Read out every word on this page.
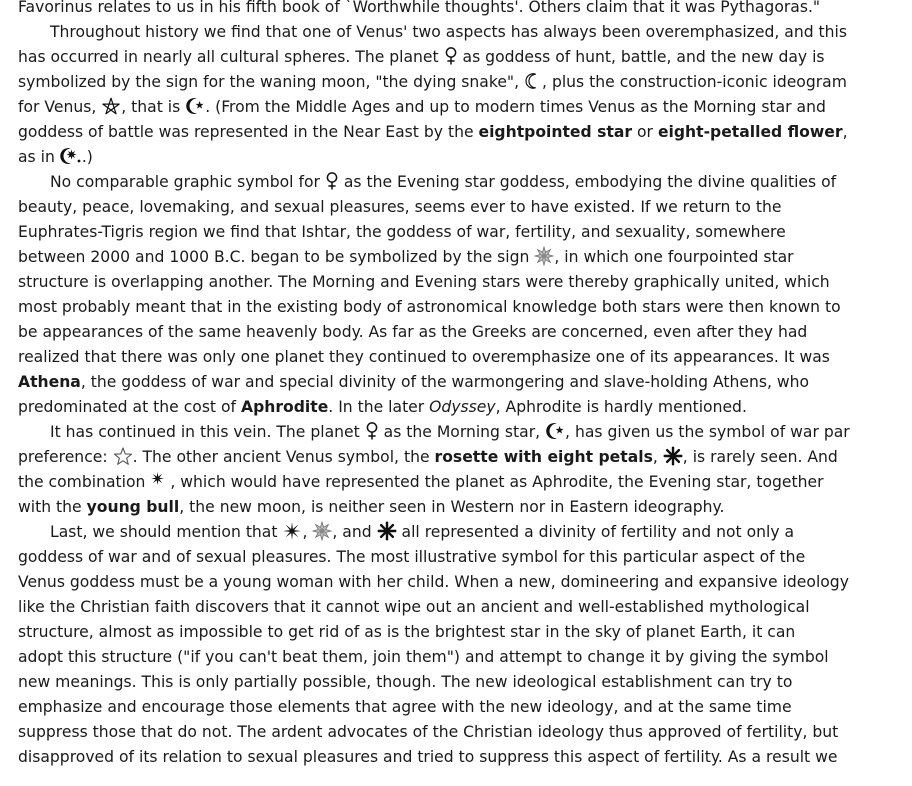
Favorinus relates to us in his fifth book of `Worthwhile thoughts'. Others claim that it was Pythagoras."
Throughout history we find that one of Venus' two aspects has always been overemphasized, and this
has occurred in nearly all cultural spheres. The planet
as goddess of hunt, battle, and the new day is
symbolized by the sign for the waning moon, "the dying snake",
, plus the construction-iconic ideogram
for Venus,
, that is
. (From the Middle Ages and up to modern times Venus as the Morning star and
goddess of battle was represented in the Near East by the eightpointed star or eight-petalled flower,
as in
.)
No comparable graphic symbol for
as the Evening star goddess, embodying the divine qualities of
beauty, peace, lovemaking, and sexual pleasures, seems ever to have existed. If we return to the
Euphrates-Tigris region we find that Ishtar, the goddess of war, fertility, and sexuality, somewhere
between 2000 and 1000 B.C. began to be symbolized by the sign
, in which one fourpointed star
structure is overlapping another. The Morning and Evening stars were thereby graphically united, which
most probably meant that in the existing body of astronomical knowledge both stars were then known to
be appearances of the same heavenly body. As far as the Greeks are concerned, even after they had
realized that there was only one planet they continued to overemphasize one of its appearances. It was
Athena, the goddess of war and special divinity of the warmongering and slave-holding Athens, who
predominated at the cost of Aphrodite. In the later Odyssey, Aphrodite is hardly mentioned.
It has continued in this vein. The planet
as the Morning star,
, has given us the symbol of war par
preference:
. The other ancient Venus symbol, the rosette with eight petals,
, is rarely seen. And
the combination
, which would have represented the planet as Aphrodite, the Evening star, together
with the young bull, the new moon, is neither seen in Western nor in Eastern ideography.
Last, we should mention that
,
, and
all represented a divinity of fertility and not only a
goddess of war and of sexual pleasures. The most illustrative symbol for this particular aspect of the
Venus goddess must be a young woman with her child. When a new, domineering and expansive ideology
like the Christian faith discovers that it cannot wipe out an ancient and well-established mythological
structure, almost as impossible to get rid of as is the brightest star in the sky of planet Earth, it can
adopt this structure ("if you can't beat them, join them") and attempt to change it by giving the symbol
new meanings. This is only partially possible, though. The new ideological establishment can try to
emphasize and encourage those elements that agree with the new ideology, and at the same time
suppress those that do not. The ardent advocates of the Christian ideology thus approved of fertility, but
disapproved of its relation to sexual pleasures and tried to suppress this aspect of fertility. As a result we
